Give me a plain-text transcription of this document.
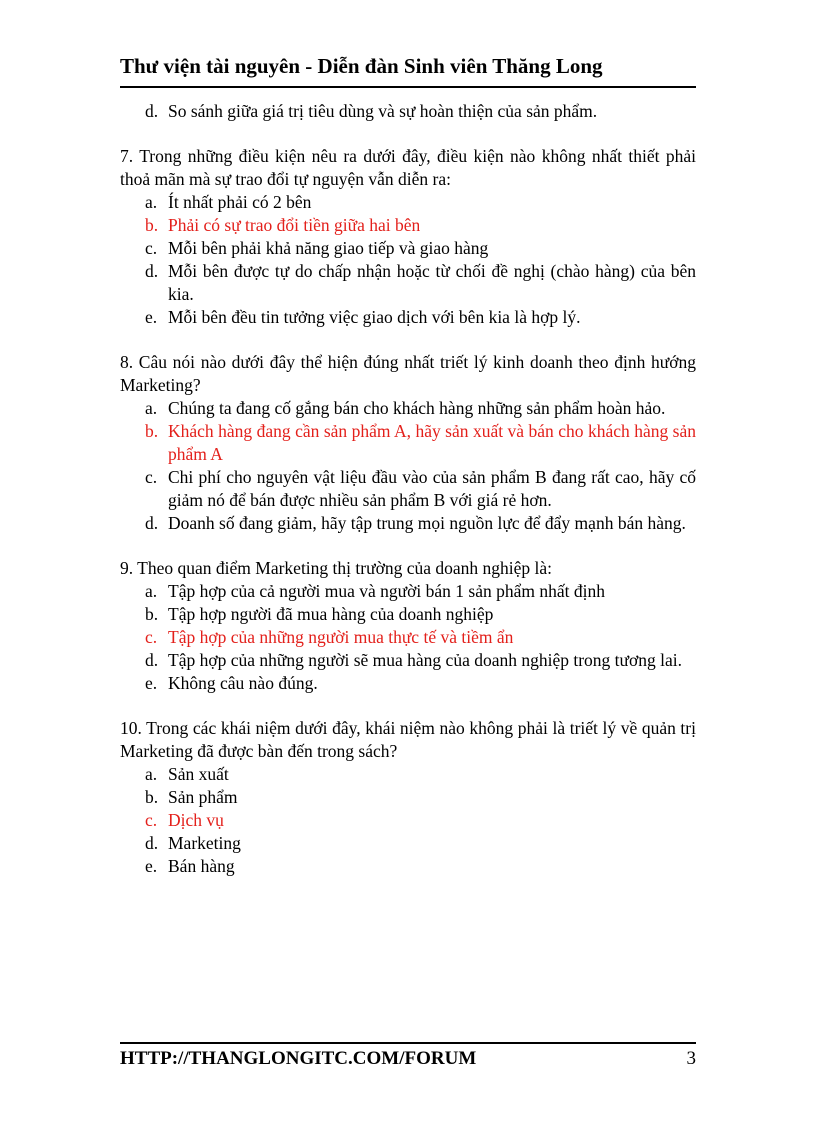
Thư viện tài nguyên - Diễn đàn Sinh viên Thăng Long
d. So sánh giữa giá trị tiêu dùng và sự hoàn thiện của sản phẩm.

7. Trong những điều kiện nêu ra dưới đây, điều kiện nào không nhất thiết phải thoả mãn mà sự trao đổi tự nguyện vẫn diễn ra:

a. Ít nhất phải có 2 bên
b. Phải có sự trao đổi tiền giữa hai bên
c. Mỗi bên phải khả năng giao tiếp và giao hàng
d. Mỗi bên được tự do chấp nhận hoặc từ chối đề nghị (chào hàng) của bên kia.
e. Mỗi bên đều tin tưởng việc giao dịch với bên kia là hợp lý.

8. Câu nói nào dưới đây thể hiện đúng nhất triết lý kinh doanh theo định hướng Marketing?

a. Chúng ta đang cố gắng bán cho khách hàng những sản phẩm hoàn hảo.
b. Khách hàng đang cần sản phẩm A, hãy sản xuất và bán cho khách hàng sản phẩm A
c. Chi phí cho nguyên vật liệu đầu vào của sản phẩm B đang rất cao, hãy cố giảm nó để bán được nhiều sản phẩm B với giá rẻ hơn.
d. Doanh số đang giảm, hãy tập trung mọi nguồn lực để đẩy mạnh bán hàng.

9. Theo quan điểm Marketing thị trường của doanh nghiệp là:

a. Tập hợp của cả người mua và người bán 1 sản phẩm nhất định
b. Tập hợp người đã mua hàng của doanh nghiệp
c. Tập hợp của những người mua thực tế và tiềm ẩn
d. Tập hợp của những người sẽ mua hàng của doanh nghiệp trong tương lai.
e. Không câu nào đúng.

10. Trong các khái niệm dưới đây, khái niệm nào không phải là triết lý về quản trị Marketing đã được bàn đến trong sách?

a. Sản xuất
b. Sản phẩm
c. Dịch vụ
d. Marketing
e. Bán hàng
HTTP://THANGLONGITC.COM/FORUM	3
